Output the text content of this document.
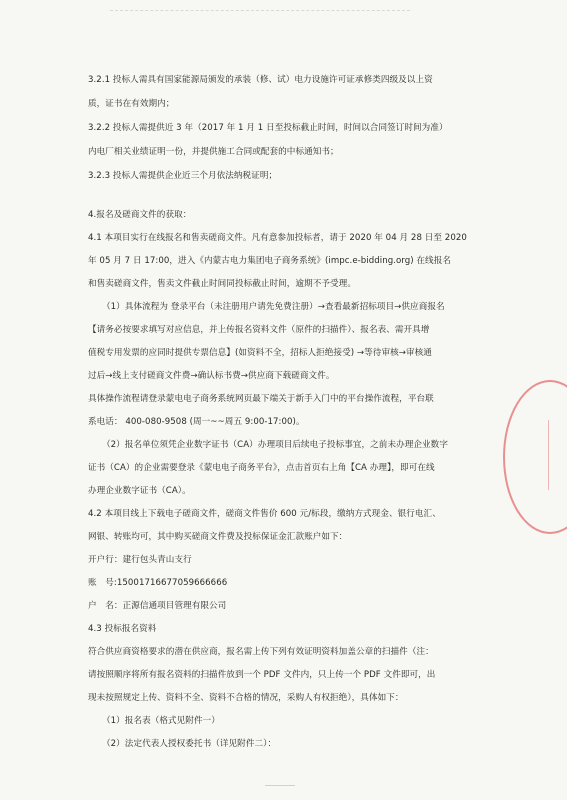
3.2.1 投标人需具有国家能源局颁发的承装（修、试）电力设施许可证承修类四级及以上资
质，证书在有效期内；
3.2.2 投标人需提供近 3 年（2017 年 1 月 1 日至投标截止时间，时间以合同签订时间为准）
内电厂相关业绩证明一份，并提供施工合同或配套的中标通知书；
3.2.3 投标人需提供企业近三个月依法纳税证明；
4.报名及磋商文件的获取：
4.1 本项目实行在线报名和售卖磋商文件。凡有意参加投标者，请于 2020 年 04 月 28 日至 2020
年 05 月 7 日 17:00，进入《内蒙古电力集团电子商务系统》(impc.e-bidding.org) 在线报名
和售卖磋商文件，售卖文件截止时间同投标截止时间，逾期不予受理。
（1）具体流程为 登录平台（未注册用户请先免费注册）→查看最新招标项目→供应商报名
【请务必按要求填写对应信息，并上传报名资料文件（原件的扫描件）、报名表、需开具增
值税专用发票的应同时提供专票信息】(如资料不全，招标人拒绝接受) →等待审核→审核通
过后→线上支付磋商文件费→确认标书费→供应商下载磋商文件。
具体操作流程请登录蒙电电子商务系统网页最下端关于新手入门中的平台操作流程，平台联
系电话： 400-080-9508 (周一~~周五 9:00-17:00)。
（2）报名单位须凭企业数字证书（CA）办理项目后续电子投标事宜，之前未办理企业数字
证书（CA）的企业需要登录《蒙电电子商务平台》，点击首页右上角【CA 办理】，即可在线
办理企业数字证书（CA）。
4.2 本项目线上下载电子磋商文件，磋商文件售价 600 元/标段，缴纳方式现金、银行电汇、
网银、转账均可，其中购买磋商文件费及投标保证金汇款账户如下：
开户行：建行包头青山支行
账　号:15001716677059666666
户　名：正源信通项目管理有限公司
4.3 投标报名资料
符合供应商资格要求的潜在供应商，报名需上传下列有效证明资料加盖公章的扫描件（注：
请按照顺序将所有报名资料的扫描件放到一个 PDF 文件内，只上传一个 PDF 文件即可，出
现未按照规定上传、资料不全、资料不合格的情况，采购人有权拒绝），具体如下：
（1）报名表（格式见附件一）
（2）法定代表人授权委托书（详见附件二）：
